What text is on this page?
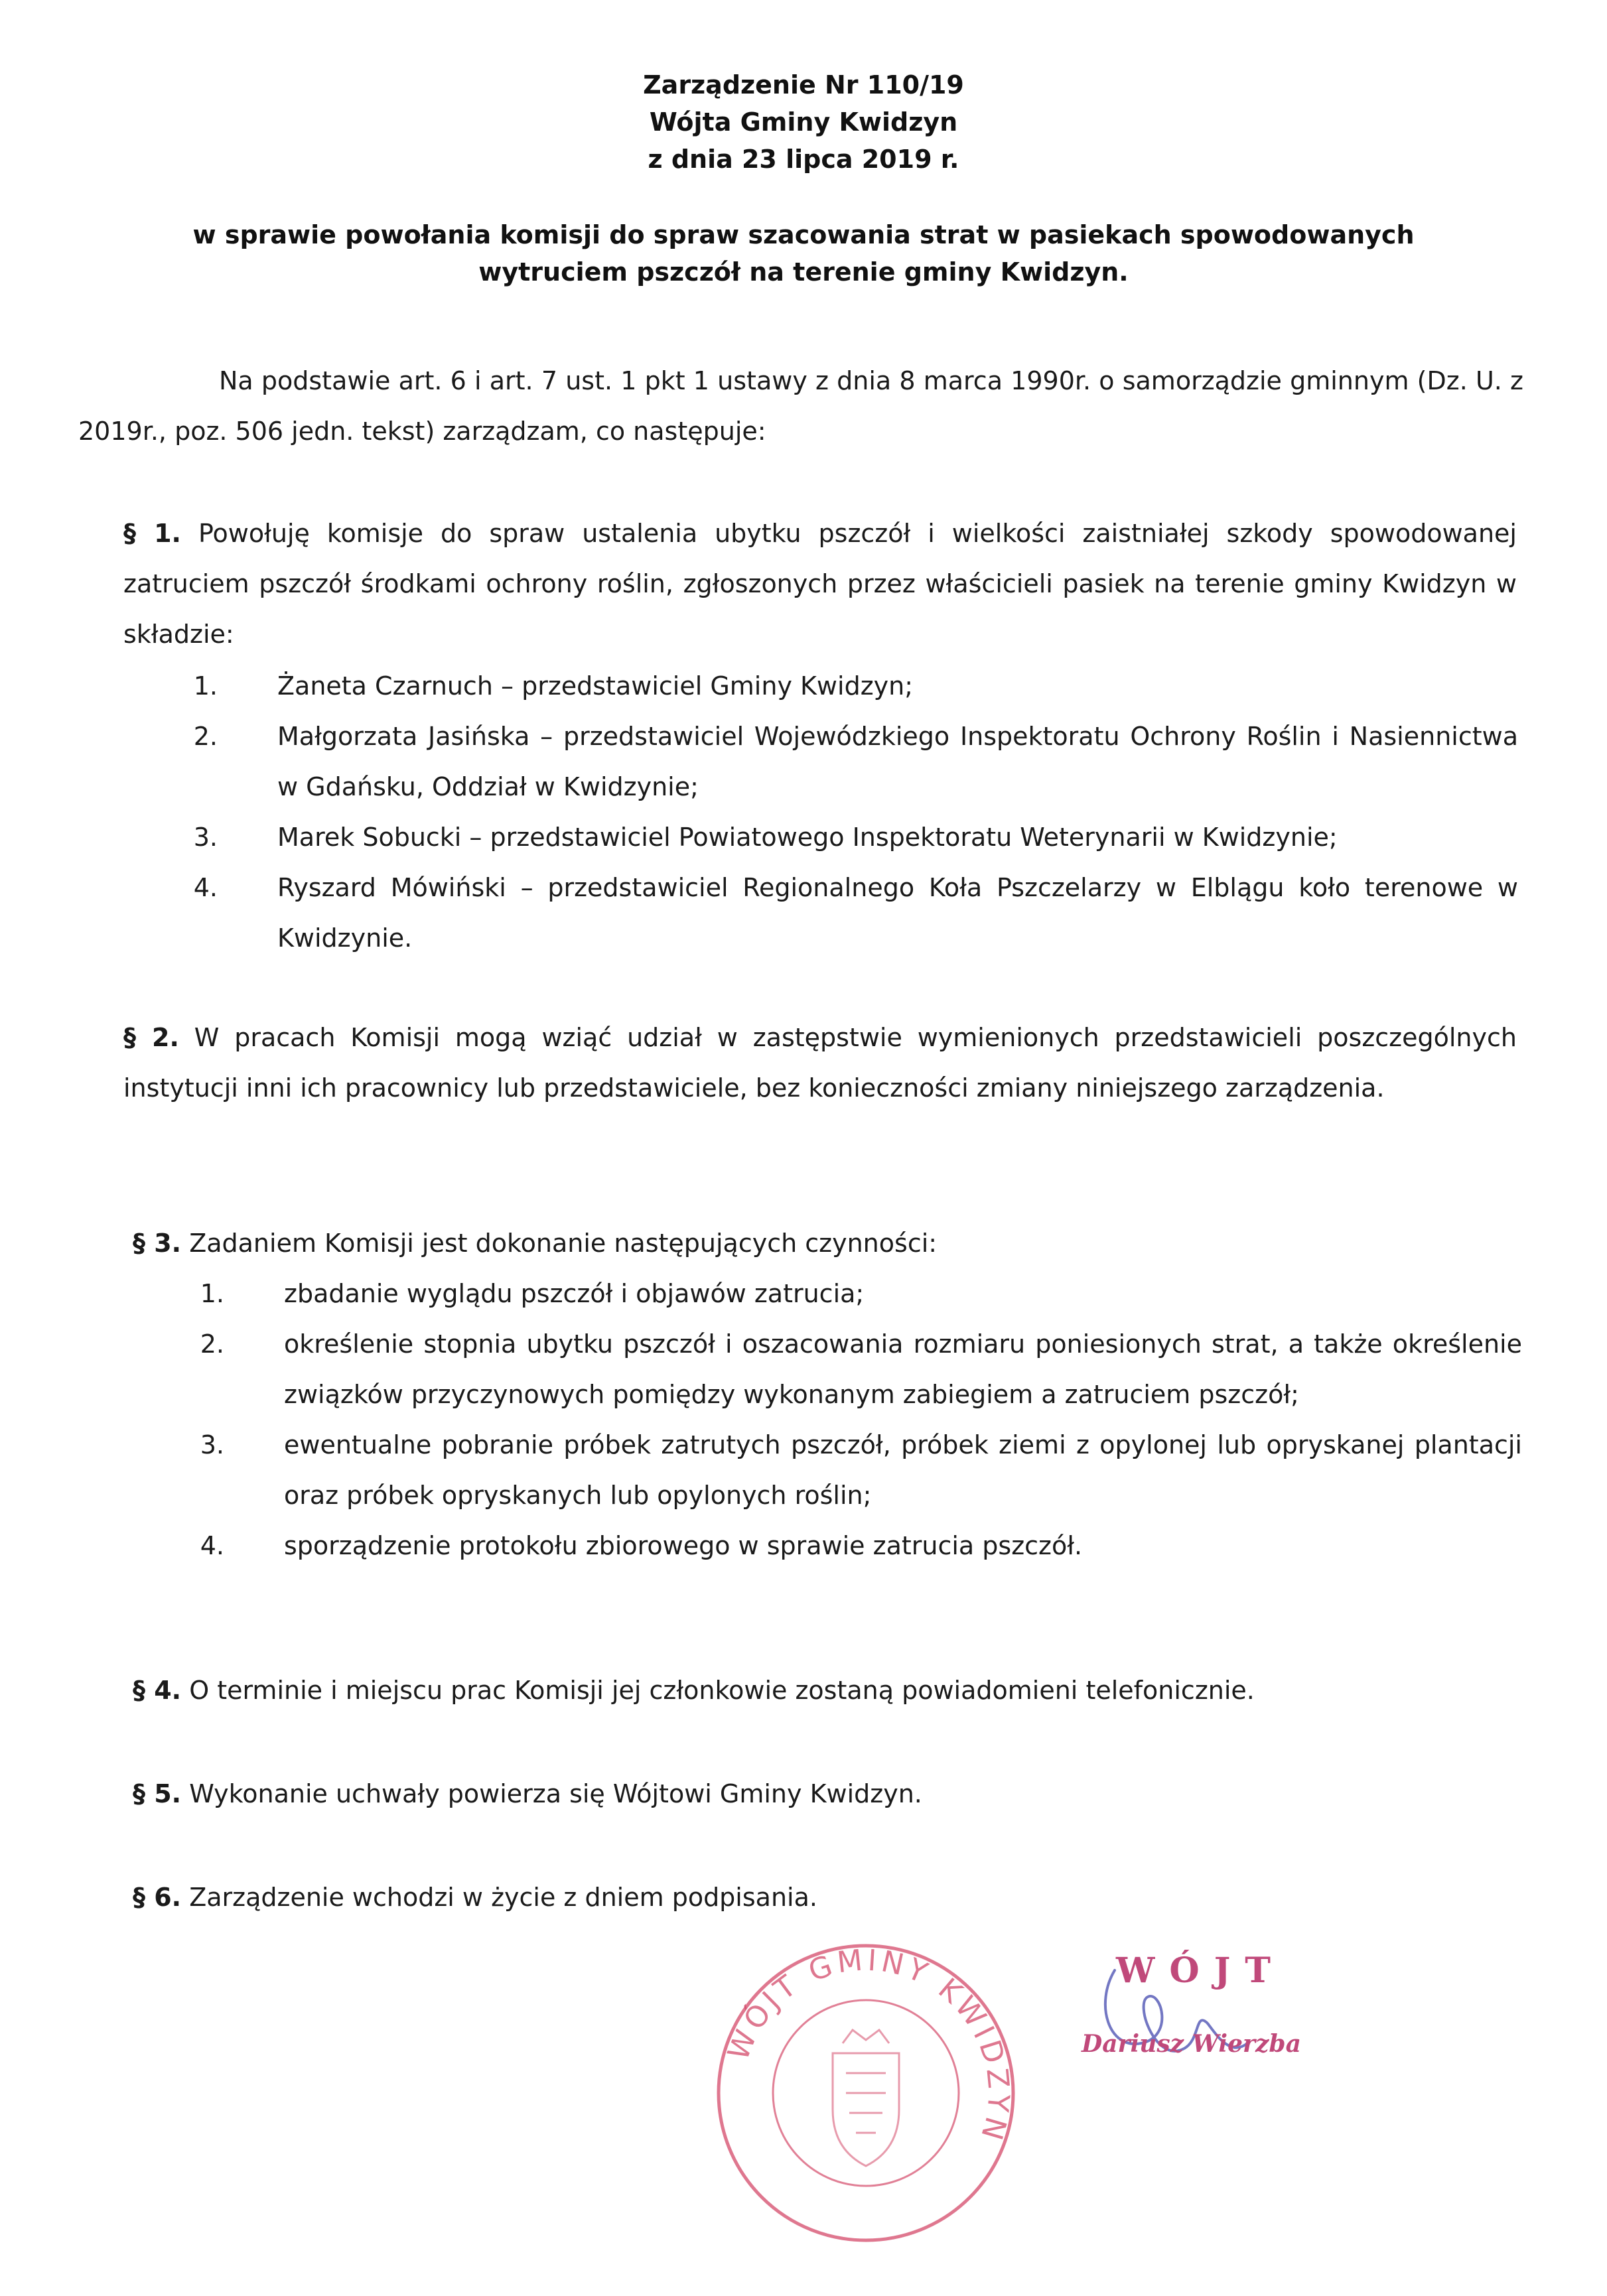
Zarządzenie Nr 110/19
Wójta Gminy Kwidzyn
z dnia 23 lipca 2019 r.
w sprawie powołania komisji do spraw szacowania strat w pasiekach spowodowanych
wytruciem pszczół na terenie gminy Kwidzyn.
Na podstawie art. 6 i art. 7 ust. 1 pkt 1 ustawy z dnia 8 marca 1990r. o samorządzie gminnym (Dz. U. z 2019r., poz. 506 jedn. tekst) zarządzam, co następuje:
§ 1. Powołuję komisje do spraw ustalenia ubytku pszczół i wielkości zaistniałej szkody spowodowanej zatruciem pszczół środkami ochrony roślin, zgłoszonych przez właścicieli pasiek na terenie gminy Kwidzyn w składzie:
1. Żaneta Czarnuch – przedstawiciel Gminy Kwidzyn;
2. Małgorzata Jasińska – przedstawiciel Wojewódzkiego Inspektoratu Ochrony Roślin i Nasiennictwa w Gdańsku, Oddział w Kwidzynie;
3. Marek Sobucki – przedstawiciel Powiatowego Inspektoratu Weterynarii w Kwidzynie;
4. Ryszard Mówiński – przedstawiciel Regionalnego Koła Pszczelarzy w Elblągu koło terenowe w Kwidzynie.
§ 2. W pracach Komisji mogą wziąć udział w zastępstwie wymienionych przedstawicieli poszczególnych instytucji inni ich pracownicy lub przedstawiciele, bez konieczności zmiany niniejszego zarządzenia.
§ 3. Zadaniem Komisji jest dokonanie następujących czynności:
1. zbadanie wyglądu pszczół i objawów zatrucia;
2. określenie stopnia ubytku pszczół i oszacowania rozmiaru poniesionych strat, a także określenie związków przyczynowych pomiędzy wykonanym zabiegiem a zatruciem pszczół;
3. ewentualne pobranie próbek zatrutych pszczół, próbek ziemi z opylonej lub opryskanej plantacji oraz próbek opryskanych lub opylonych roślin;
4. sporządzenie protokołu zbiorowego w sprawie zatrucia pszczół.
§ 4. O terminie i miejscu prac Komisji jej członkowie zostaną powiadomieni telefonicznie.
§ 5. Wykonanie uchwały powierza się Wójtowi Gminy Kwidzyn.
§ 6. Zarządzenie wchodzi w życie z dniem podpisania.
WÓJT GMINY KWIDZYN
WÓJT
Dariusz Wierzba
